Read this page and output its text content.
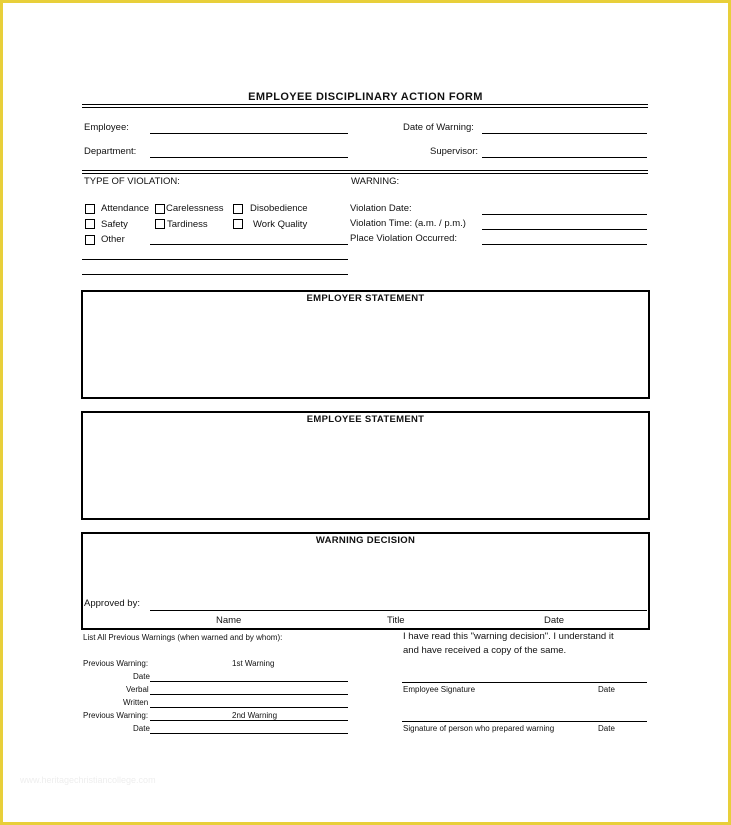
EMPLOYEE DISCIPLINARY ACTION FORM
Employee:
Department:
Date of Warning:
Supervisor:
TYPE OF VIOLATION:
Attendance Carelessness	Disobedience
Safety	Tardiness	Work Quality
Other
WARNING:
Violation Date:
Violation Time: (a.m. / p.m.)
Place Violation Occurred:
EMPLOYER STATEMENT
EMPLOYEE STATEMENT
WARNING DECISION
Approved by:
Name	Title	Date
List All Previous Warnings (when warned and by whom):
Previous Warning:	1st Warning
Date
Verbal
Written
Previous Warning:	2nd Warning
Date
I have read this "warning decision". I understand it
and have received a copy of the same.
Employee Signature	Date
Signature of person who prepared warning	Date
www.heritagechristiancollege.com
